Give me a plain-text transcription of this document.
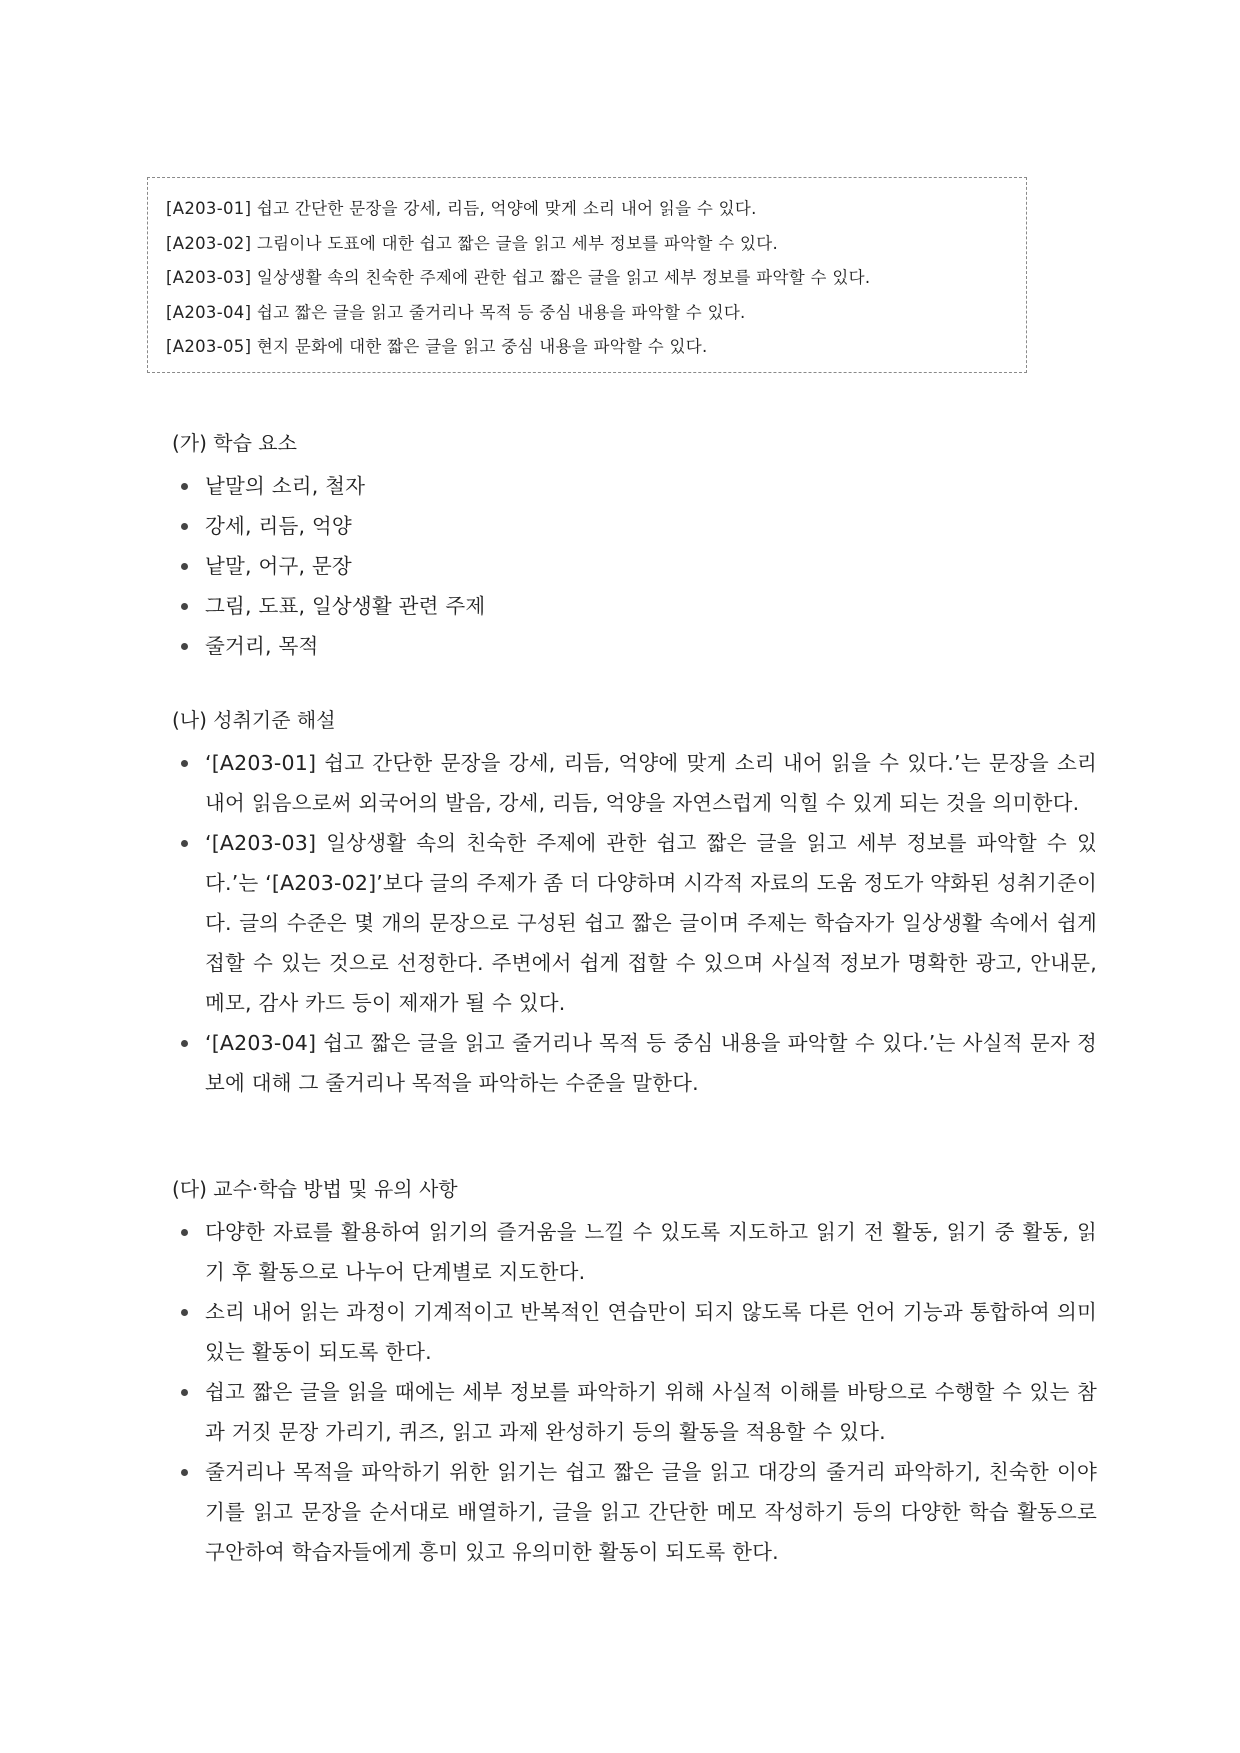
[A203-01] 쉽고 간단한 문장을 강세, 리듬, 억양에 맞게 소리 내어 읽을 수 있다.
[A203-02] 그림이나 도표에 대한 쉽고 짧은 글을 읽고 세부 정보를 파악할 수 있다.
[A203-03] 일상생활 속의 친숙한 주제에 관한 쉽고 짧은 글을 읽고 세부 정보를 파악할 수 있다.
[A203-04] 쉽고 짧은 글을 읽고 줄거리나 목적 등 중심 내용을 파악할 수 있다.
[A203-05] 현지 문화에 대한 짧은 글을 읽고 중심 내용을 파악할 수 있다.
(가) 학습 요소
낱말의 소리, 철자
강세, 리듬, 억양
낱말, 어구, 문장
그림, 도표, 일상생활 관련 주제
줄거리, 목적
(나) 성취기준 해설
‘[A203-01] 쉽고 간단한 문장을 강세, 리듬, 억양에 맞게 소리 내어 읽을 수 있다.’는 문장을 소리 내어 읽음으로써 외국어의 발음, 강세, 리듬, 억양을 자연스럽게 익힐 수 있게 되는 것을 의미한다.
‘[A203-03] 일상생활 속의 친숙한 주제에 관한 쉽고 짧은 글을 읽고 세부 정보를 파악할 수 있다.’는 ‘[A203-02]’보다 글의 주제가 좀 더 다양하며 시각적 자료의 도움 정도가 약화된 성취기준이다. 글의 수준은 몇 개의 문장으로 구성된 쉽고 짧은 글이며 주제는 학습자가 일상생활 속에서 쉽게 접할 수 있는 것으로 선정한다. 주변에서 쉽게 접할 수 있으며 사실적 정보가 명확한 광고, 안내문, 메모, 감사 카드 등이 제재가 될 수 있다.
‘[A203-04] 쉽고 짧은 글을 읽고 줄거리나 목적 등 중심 내용을 파악할 수 있다.’는 사실적 문자 정보에 대해 그 줄거리나 목적을 파악하는 수준을 말한다.
(다) 교수·학습 방법 및 유의 사항
다양한 자료를 활용하여 읽기의 즐거움을 느낄 수 있도록 지도하고 읽기 전 활동, 읽기 중 활동, 읽기 후 활동으로 나누어 단계별로 지도한다.
소리 내어 읽는 과정이 기계적이고 반복적인 연습만이 되지 않도록 다른 언어 기능과 통합하여 의미 있는 활동이 되도록 한다.
쉽고 짧은 글을 읽을 때에는 세부 정보를 파악하기 위해 사실적 이해를 바탕으로 수행할 수 있는 참과 거짓 문장 가리기, 퀴즈, 읽고 과제 완성하기 등의 활동을 적용할 수 있다.
줄거리나 목적을 파악하기 위한 읽기는 쉽고 짧은 글을 읽고 대강의 줄거리 파악하기, 친숙한 이야기를 읽고 문장을 순서대로 배열하기, 글을 읽고 간단한 메모 작성하기 등의 다양한 학습 활동으로 구안하여 학습자들에게 흥미 있고 유의미한 활동이 되도록 한다.
